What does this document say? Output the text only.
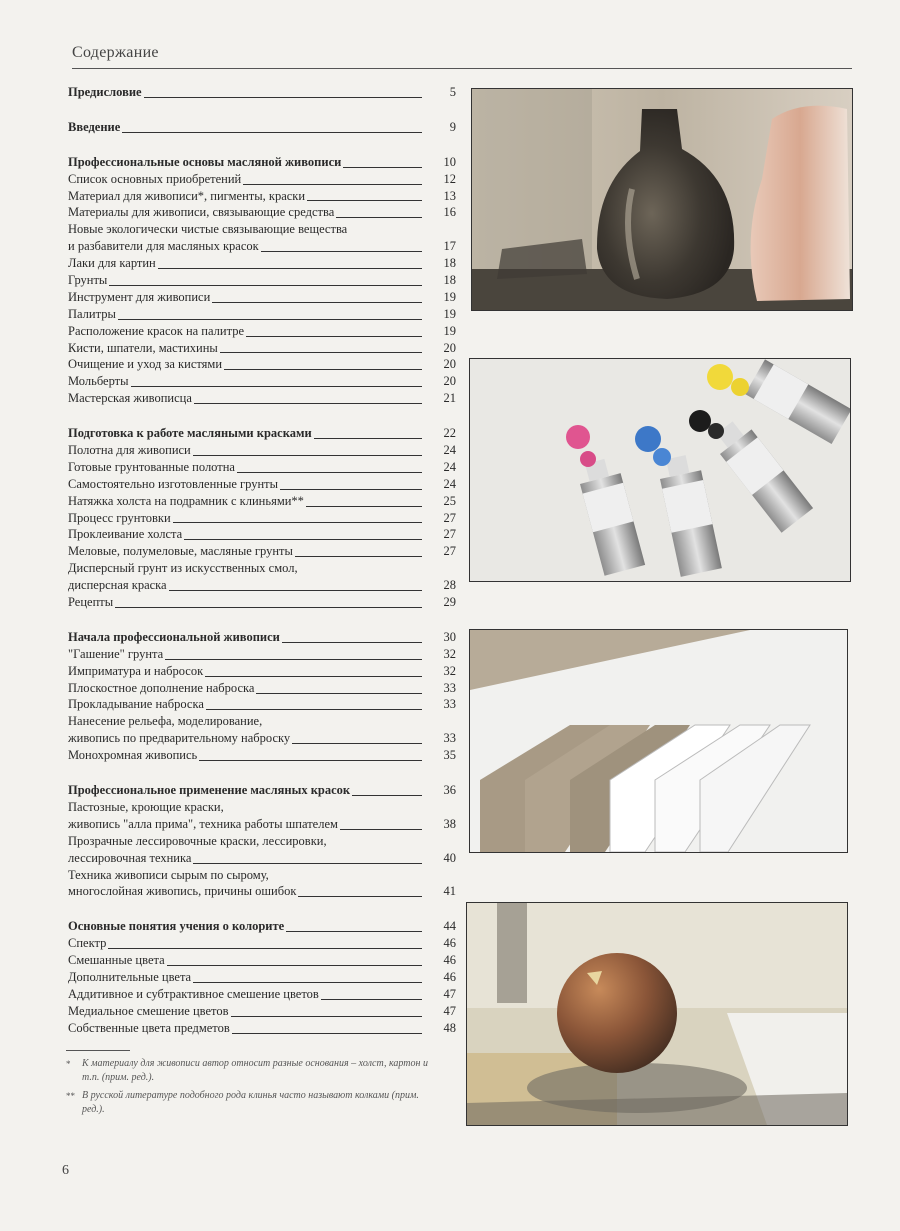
Содержание
Предисловие	5
Введение	9
Профессиональные основы масляной живописи	10
Список основных приобретений	12
Материал для живописи*, пигменты, краски	13
Материалы для живописи, связывающие средства	16
Новые экологически чистые связывающие вещества
и разбавители для масляных красок	17
Лаки для картин	18
Грунты	18
Инструмент для живописи	19
Палитры	19
Расположение красок на палитре	19
Кисти, шпатели, мастихины	20
Очищение и уход за кистями	20
Мольберты	20
Мастерская живописца	21
Подготовка к работе масляными красками	22
Полотна для живописи	24
Готовые грунтованные полотна	24
Самостоятельно изготовленные грунты	24
Натяжка холста на подрамник с клиньями**	25
Процесс грунтовки	27
Проклеивание холста	27
Меловые, полумеловые, масляные грунты	27
Дисперсный грунт из искусственных смол,
дисперсная краска	28
Рецепты	29
Начала профессиональной живописи	30
"Гашение" грунта	32
Имприматура и набросок	32
Плоскостное дополнение наброска	33
Прокладывание наброска	33
Нанесение рельефа, моделирование,
живопись по предварительному наброску	33
Монохромная живопись	35
Профессиональное применение масляных красок	36
Пастозные, кроющие краски,
живопись "алла прима", техника работы шпателем	38
Прозрачные лессировочные краски, лессировки,
лессировочная техника	40
Техника живописи сырым по сырому,
многослойная живопись, причины ошибок	41
Основные понятия учения о колорите	44
Спектр	46
Смешанные цвета	46
Дополнительные цвета	46
Аддитивное и субтрактивное смешение цветов	47
Медиальное смешение цветов	47
Собственные цвета предметов	48
*	К материалу для живописи автор относит разные основания – холст, картон и т.п. (прим. ред.).
** В русской литературе подобного рода клинья часто называют колками (прим. ред.).
6
